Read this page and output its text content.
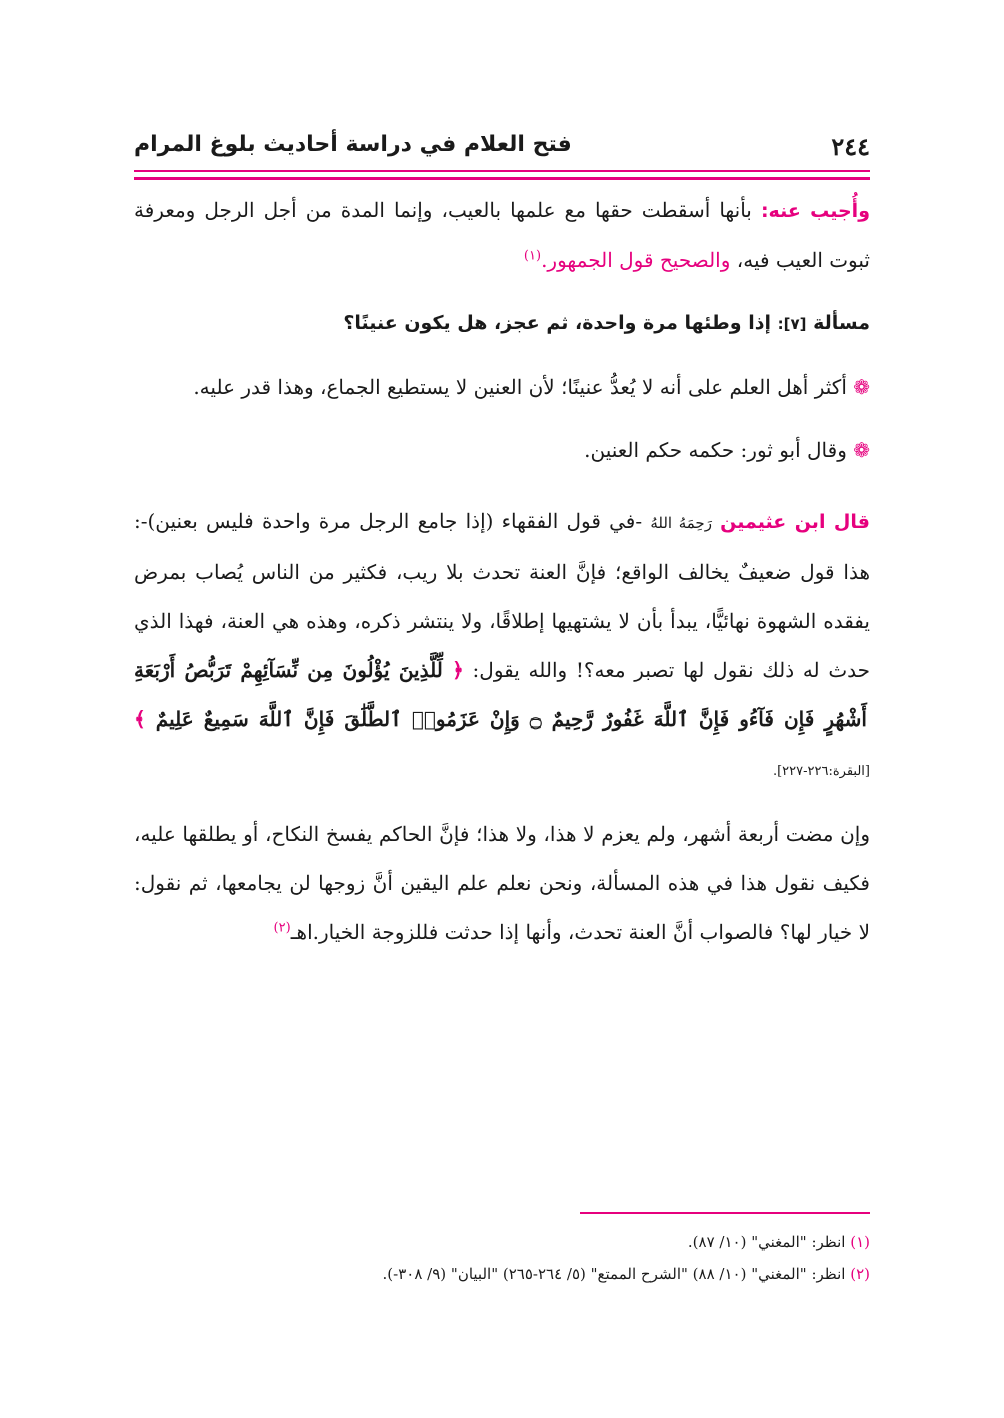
٢٤٤
فتح العلام في دراسة أحاديث بلوغ المرام

وأُجيب عنه: بأنها أسقطت حقها مع علمها بالعيب، وإنما المدة من أجل الرجل ومعرفة ثبوت العيب فيه، والصحيح قول الجمهور.$^{(١)}$

مسألة [٧]: إذا وطئها مرة واحدة، ثم عجز، هل يكون عنينًا؟

❁ أكثر أهل العلم على أنه لا يُعدُّ عنينًا؛ لأن العنين لا يستطيع الجماع، وهذا قدر عليه.

❁ وقال أبو ثور: حكمه حكم العنين.

قال ابن عثيمين رَحِمَهُ اللهُ -في قول الفقهاء (إذا جامع الرجل مرة واحدة فليس بعنين)-: هذا قول ضعيفٌ يخالف الواقع؛ فإنَّ العنة تحدث بلا ريب، فكثير من الناس يُصاب بمرض يفقده الشهوة نهائيًّا، يبدأ بأن لا يشتهيها إطلاقًا، ولا ينتشر ذكره، وهذه هي العنة، فهذا الذي حدث له ذلك نقول لها تصبر معه؟! والله يقول: ﴿ لِّلَّذِينَ يُؤْلُونَ مِن نِّسَآئِهِمْ تَرَبُّصُ أَرْبَعَةِ أَشْهُرٍ فَإِن فَآءُو فَإِنَّ ٱللَّهَ غَفُورٌ رَّحِيمٌ ۝ وَإِنْ عَزَمُوا۟ ٱلطَّلَٰقَ فَإِنَّ ٱللَّهَ سَمِيعٌ عَلِيمٌ ﴾ [البقرة:٢٢٦-٢٢٧].

وإن مضت أربعة أشهر، ولم يعزم لا هذا، ولا هذا؛ فإنَّ الحاكم يفسخ النكاح، أو يطلقها عليه، فكيف نقول هذا في هذه المسألة، ونحن نعلم علم اليقين أنَّ زوجها لن يجامعها، ثم نقول: لا خيار لها؟ فالصواب أنَّ العنة تحدث، وأنها إذا حدثت فللزوجة الخيار.اهـ$^{(٢)}$

(١) انظر: "المغني" (١٠/ ٨٧).

(٢) انظر: "المغني" (١٠/ ٨٨) "الشرح الممتع" (٥/ ٢٦٤-٢٦٥) "البيان" (٩/ ٣٠٨-).
